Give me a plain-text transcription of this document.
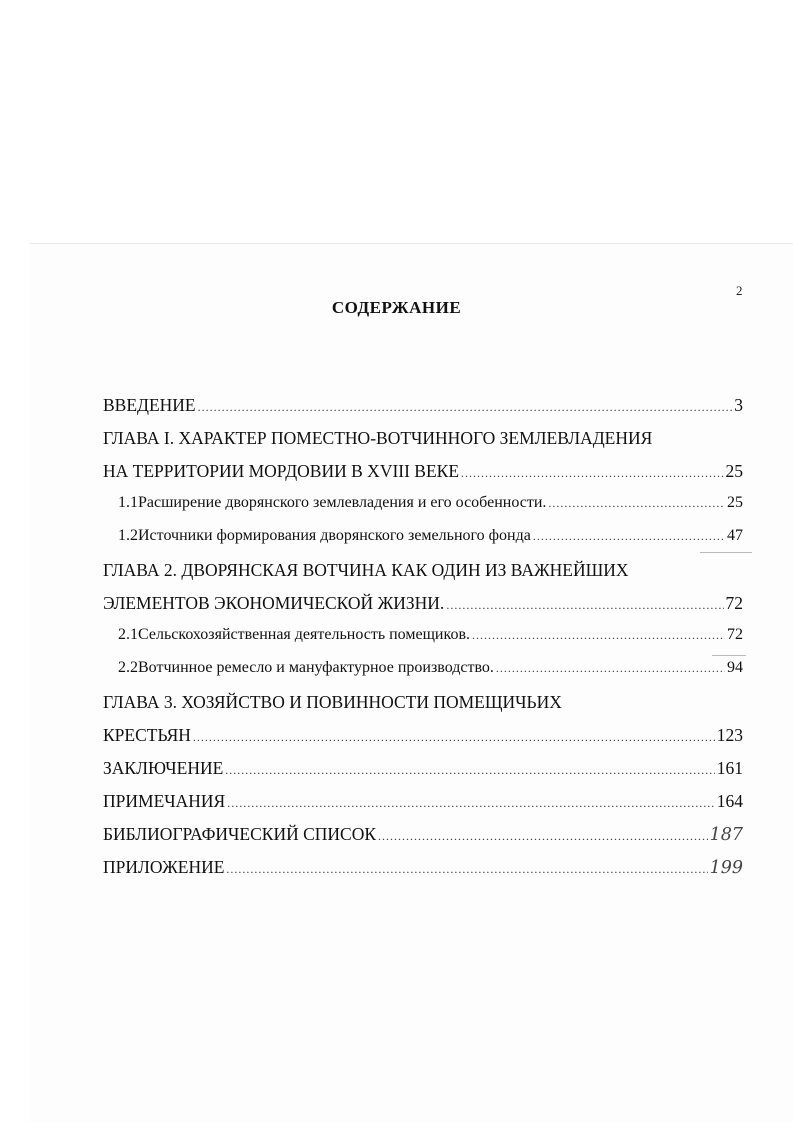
2
СОДЕРЖАНИЕ
ВВЕДЕНИЕ .....	3
ГЛАВА I. ХАРАКТЕР ПОМЕСТНО-ВОТЧИННОГО ЗЕМЛЕВЛАДЕНИЯ
НА ТЕРРИТОРИИ МОРДОВИИ В XVIII ВЕКЕ .....	25
1.1 Расширение дворянского землевладения и его особенности. .....	25
1.2 Источники формирования дворянского земельного фонда .....	47
ГЛАВА 2. ДВОРЯНСКАЯ ВОТЧИНА КАК ОДИН ИЗ ВАЖНЕЙШИХ
ЭЛЕМЕНТОВ ЭКОНОМИЧЕСКОЙ ЖИЗНИ. .....	72
2.1 Сельскохозяйственная деятельность помещиков. .....	72
2.2 Вотчинное ремесло и мануфактурное производство. .....	94
ГЛАВА 3. ХОЗЯЙСТВО И ПОВИННОСТИ ПОМЕЩИЧЬИХ
КРЕСТЬЯН .....	123
ЗАКЛЮЧЕНИЕ .....	161
ПРИМЕЧАНИЯ .....	164
БИБЛИОГРАФИЧЕСКИЙ СПИСОК .....	187
ПРИЛОЖЕНИЕ .....	199
